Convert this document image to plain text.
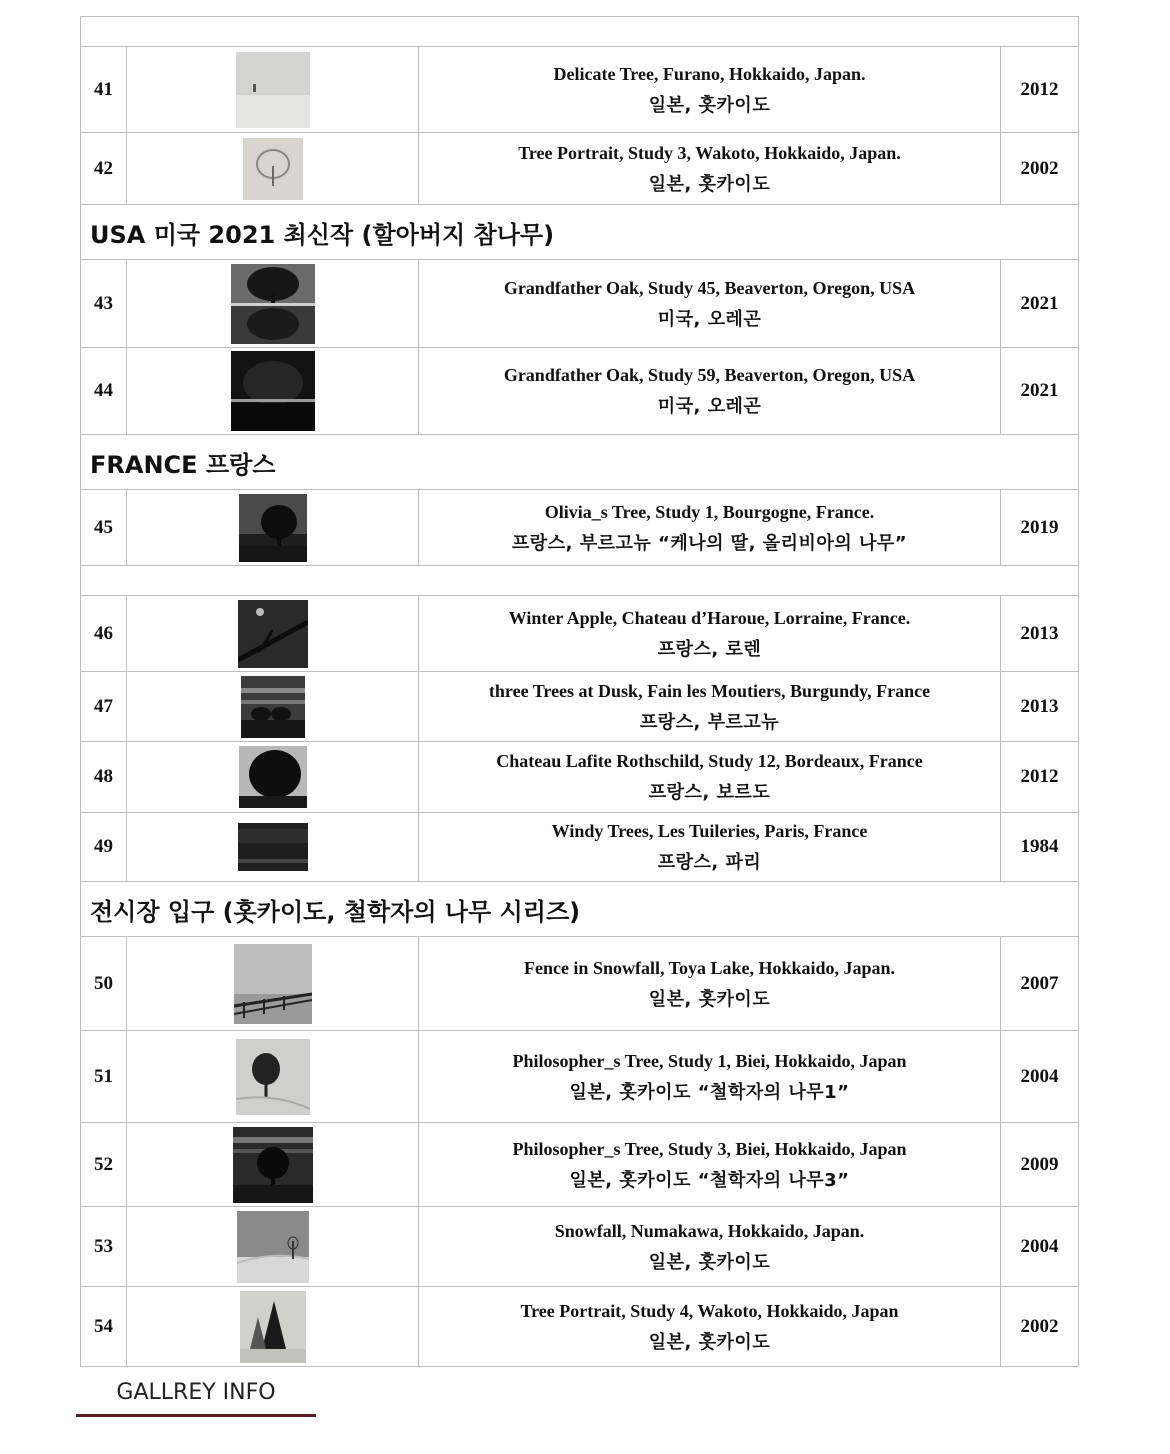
41		Delicate Tree, Furano, Hokkaido, Japan.
일본, 홋카이도	2012
42		Tree Portrait, Study 3, Wakoto, Hokkaido, Japan.
일본, 홋카이도	2002
USA 미국 2021 최신작 (할아버지 참나무)			
43		Grandfather Oak, Study 45, Beaverton, Oregon, USA
미국, 오레곤	2021
44		Grandfather Oak, Study 59, Beaverton, Oregon, USA
미국, 오레곤	2021
FRANCE 프랑스			
45		Olivia_s Tree, Study 1, Bourgogne, France.
프랑스, 부르고뉴 “케나의 딸, 올리비아의 나무”	2019

46		Winter Apple, Chateau d’Haroue, Lorraine, France.
프랑스, 로렌	2013
47		three Trees at Dusk, Fain les Moutiers, Burgundy, France
프랑스, 부르고뉴	2013
48		Chateau Lafite Rothschild, Study 12, Bordeaux, France
프랑스, 보르도	2012
49		Windy Trees, Les Tuileries, Paris, France
프랑스, 파리	1984
전시장 입구 (홋카이도, 철학자의 나무 시리즈)			
50		Fence in Snowfall, Toya Lake, Hokkaido, Japan.
일본, 홋카이도	2007
51		Philosopher_s Tree, Study 1, Biei, Hokkaido, Japan
일본, 홋카이도 “철학자의 나무1”	2004
52		Philosopher_s Tree, Study 3, Biei, Hokkaido, Japan
일본, 홋카이도 “철학자의 나무3”	2009
53		Snowfall, Numakawa, Hokkaido, Japan.
일본, 홋카이도	2004
54		Tree Portrait, Study 4, Wakoto, Hokkaido, Japan
일본, 홋카이도	2002
GALLREY INFO
